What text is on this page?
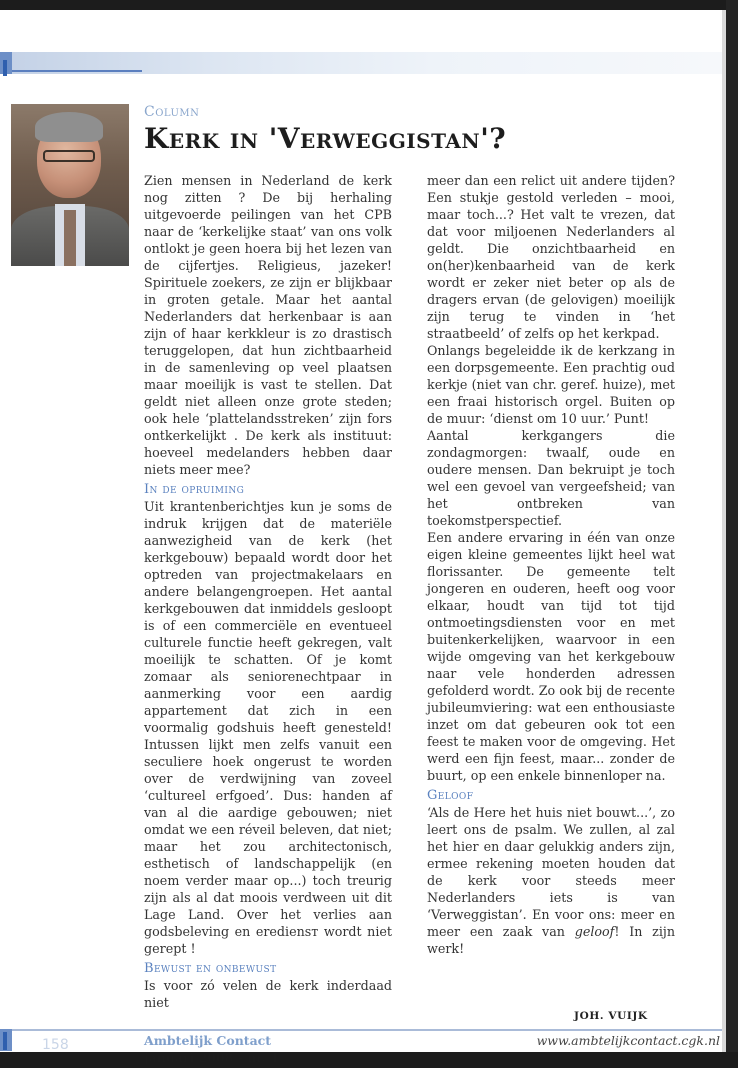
Column
Kerk in 'Verweggistan'?

Zien mensen in Nederland de kerk nog zitten ? De bij herhaling uitgevoerde peilingen van het CPB naar de ‘kerkelijke staat’ van ons volk ontlokt je geen hoera bij het lezen van de cijfertjes. Religieus, jazeker! Spirituele zoekers, ze zijn er blijkbaar in groten getale. Maar het aantal Nederlanders dat herkenbaar is aan zijn of haar kerkkleur is zo drastisch teruggelopen, dat hun zichtbaarheid in de samenleving op veel plaatsen maar moeilijk is vast te stellen. Dat geldt niet alleen onze grote steden; ook hele ‘plattelandsstreken’ zijn fors ontkerkelijkt . De kerk als instituut: hoeveel medelanders hebben daar niets meer mee?

In de opruiming

Uit krantenberichtjes kun je soms de indruk krijgen dat de materiële aanwezigheid van de kerk (het kerkgebouw) bepaald wordt door het optreden van projectmakelaars en andere belangengroepen. Het aantal kerkgebouwen dat inmiddels gesloopt is of een commerciële en eventueel culturele functie heeft gekregen, valt moeilijk te schatten. Of je komt zomaar als seniorenechtpaar in aanmerking voor een aardig appartement dat zich in een voormalig godshuis heeft genesteld! Intussen lijkt men zelfs vanuit een seculiere hoek ongerust te worden over de verdwijning van zoveel ‘cultureel erfgoed’. Dus: handen af van al die aardige gebouwen; niet omdat we een réveil beleven, dat niet; maar het zou architectonisch, esthetisch of landschappelijk (en noem verder maar op...) toch treurig zijn als al dat moois verdween uit dit Lage Land. Over het verlies aan godsbeleving en erediensт wordt niet gerept !

Bewust en onbewust

Is voor zó velen de kerk inderdaad niet

meer dan een relict uit andere tijden? Een stukje gestold verleden – mooi, maar toch...? Het valt te vrezen, dat dat voor miljoenen Nederlanders al geldt. Die onzichtbaarheid en on(her)kenbaarheid van de kerk wordt er zeker niet beter op als de dragers ervan (de gelovigen) moeilijk zijn terug te vinden in ‘het straatbeeld’ of zelfs op het kerkpad.

Onlangs begeleidde ik de kerkzang in een dorpsgemeente. Een prachtig oud kerkje (niet van chr. geref. huize), met een fraai historisch orgel. Buiten op de muur: ‘dienst om 10 uur.’ Punt!

Aantal kerkgangers die zondagmorgen: twaalf, oude en oudere mensen. Dan bekruipt je toch wel een gevoel van vergeefsheid; van het ontbreken van toekomstperspectief.

Een andere ervaring in één van onze eigen kleine gemeentes lijkt heel wat florissanter. De gemeente telt jongeren en ouderen, heeft oog voor elkaar, houdt van tijd tot tijd ontmoetingsdiensten voor en met buitenkerkelijken, waarvoor in een wijde omgeving van het kerkgebouw naar vele honderden adressen gefolderd wordt. Zo ook bij de recente jubileumviering: wat een enthousiaste inzet om dat gebeuren ook tot een feest te maken voor de omgeving. Het werd een fijn feest, maar... zonder de buurt, op een enkele binnenloper na.

Geloof

‘Als de Here het huis niet bouwt...’, zo leert ons de psalm. We zullen, al zal het hier en daar gelukkig anders zijn, ermee rekening moeten houden dat de kerk voor steeds meer Nederlanders iets is van ‘Verweggistan’. En voor ons: meer en meer een zaak van geloof! In zijn werk!

JOH. VUIJK
158	Ambtelijk Contact
januari 2008 - nr. 1
www.ambtelijkcontact.cgk.nl
